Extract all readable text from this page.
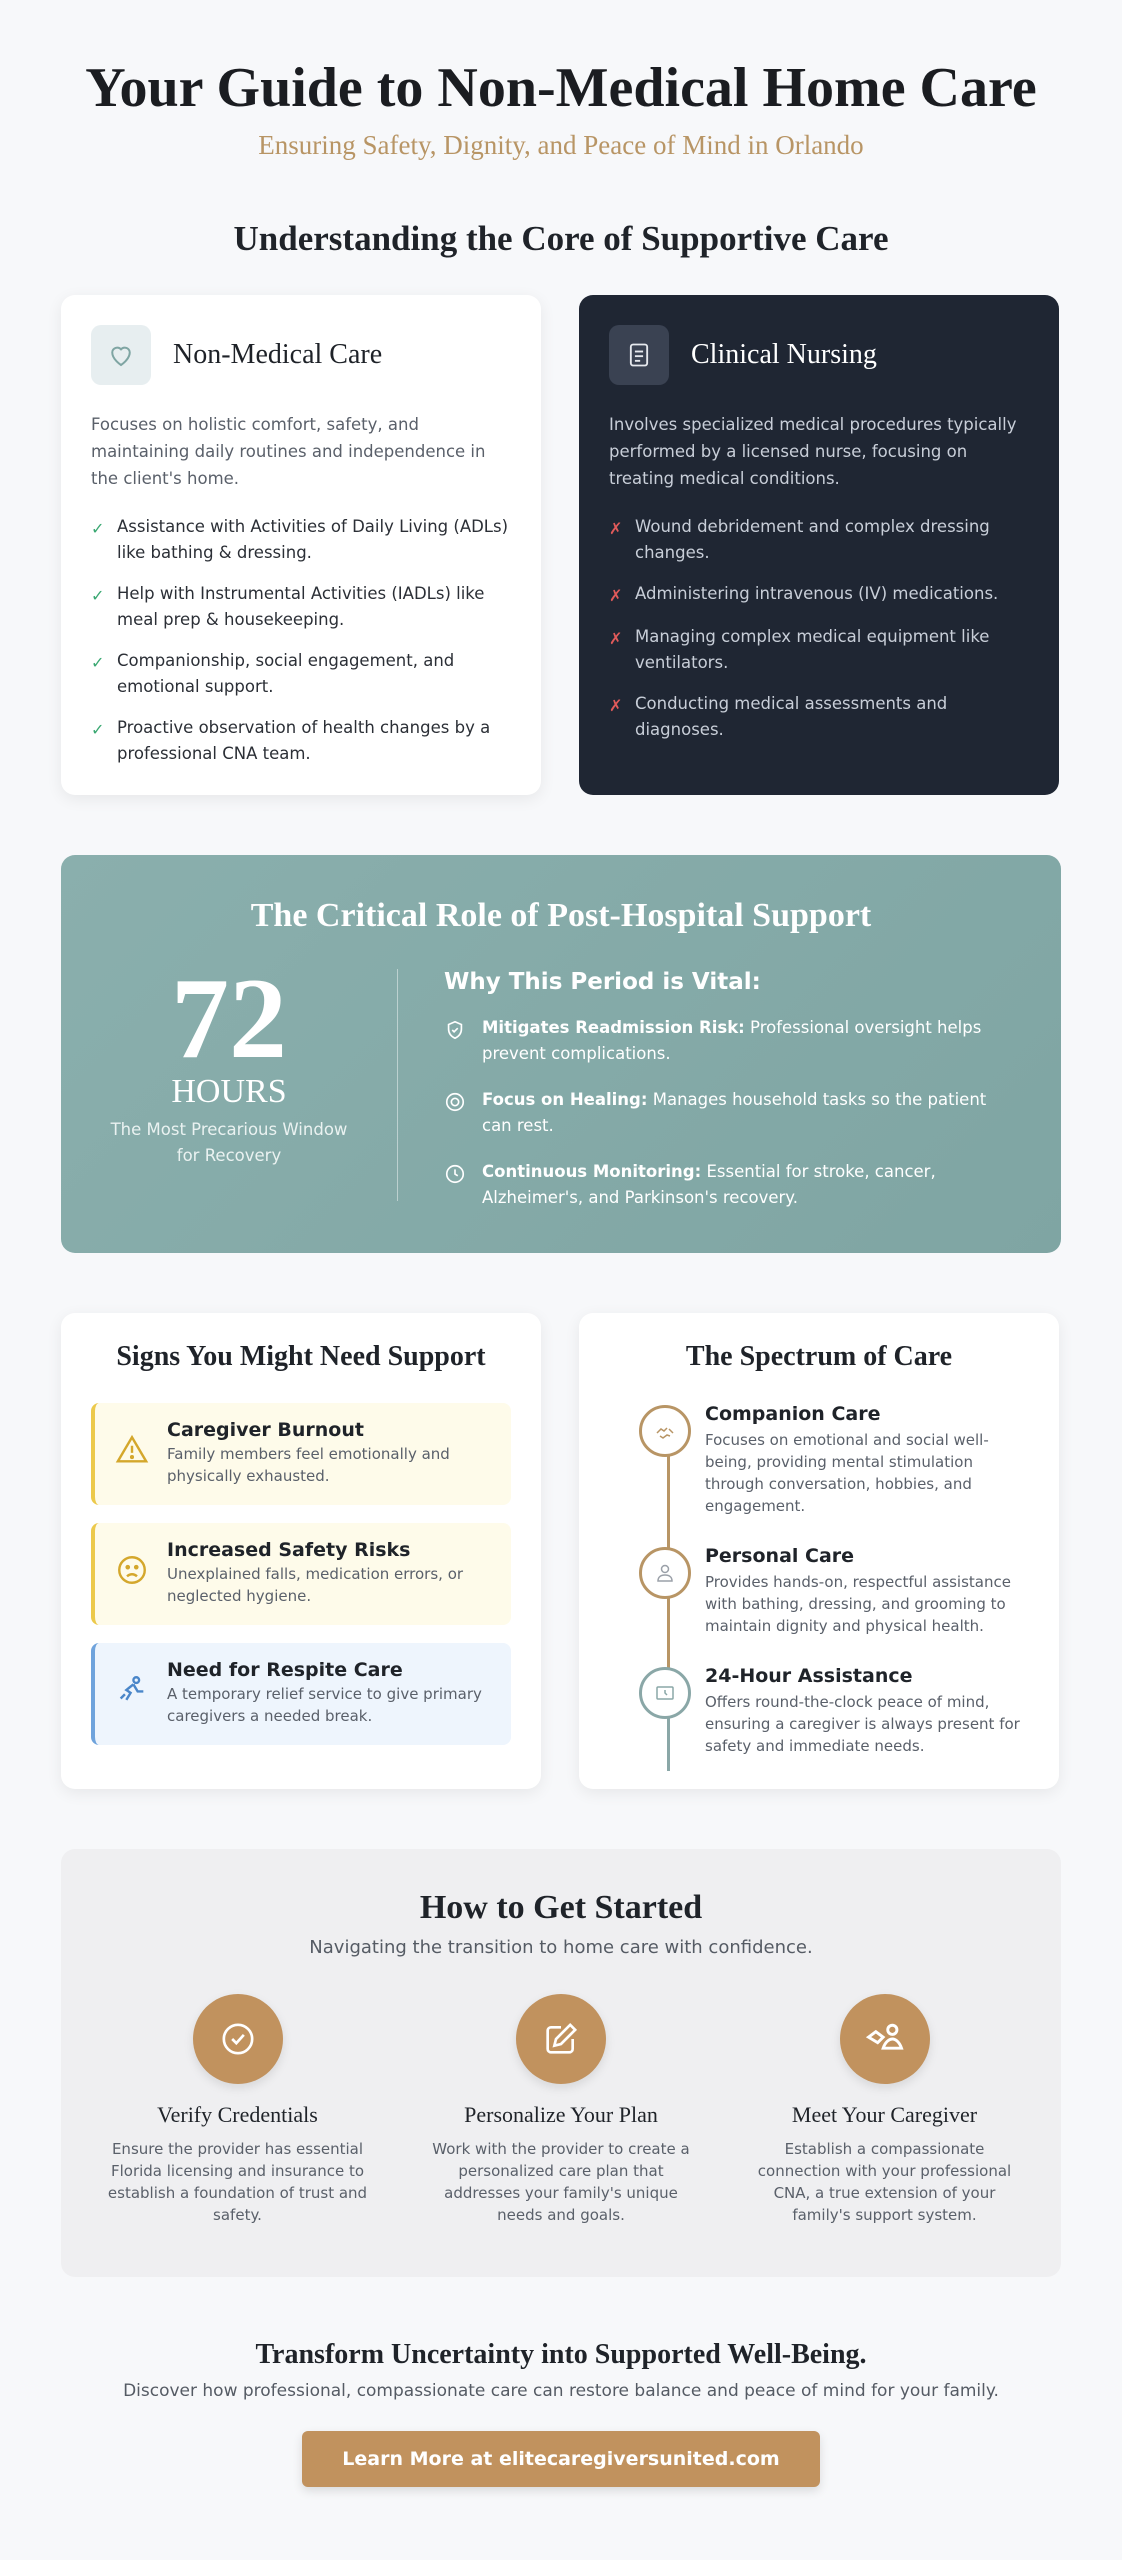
Your Guide to Non-Medical Home Care
Ensuring Safety, Dignity, and Peace of Mind in Orlando
Understanding the Core of Supportive Care
Non-Medical Care

Focuses on holistic comfort, safety, and maintaining daily routines and independence in the client's home.

✓ Assistance with Activities of Daily Living (ADLs) like bathing & dressing.
✓ Help with Instrumental Activities (IADLs) like meal prep & housekeeping.
✓ Companionship, social engagement, and emotional support.
✓ Proactive observation of health changes by a professional CNA team.
Clinical Nursing

Involves specialized medical procedures typically performed by a licensed nurse, focusing on treating medical conditions.

✗ Wound debridement and complex dressing changes.
✗ Administering intravenous (IV) medications.
✗ Managing complex medical equipment like ventilators.
✗ Conducting medical assessments and diagnoses.
The Critical Role of Post-Hospital Support
72
HOURS
The Most Precarious Window for Recovery
Why This Period is Vital:
Mitigates Readmission Risk: Professional oversight helps prevent complications.
Focus on Healing: Manages household tasks so the patient can rest.
Continuous Monitoring: Essential for stroke, cancer, Alzheimer's, and Parkinson's recovery.
Signs You Might Need Support
Caregiver Burnout
Family members feel emotionally and physically exhausted.
Increased Safety Risks
Unexplained falls, medication errors, or neglected hygiene.
Need for Respite Care
A temporary relief service to give primary caregivers a needed break.
The Spectrum of Care
Companion Care
Focuses on emotional and social well-being, providing mental stimulation through conversation, hobbies, and engagement.
Personal Care
Provides hands-on, respectful assistance with bathing, dressing, and grooming to maintain dignity and physical health.
24-Hour Assistance
Offers round-the-clock peace of mind, ensuring a caregiver is always present for safety and immediate needs.
How to Get Started

Navigating the transition to home care with confidence.

Verify Credentials
Ensure the provider has essential Florida licensing and insurance to establish a foundation of trust and safety.
Personalize Your Plan
Work with the provider to create a personalized care plan that addresses your family's unique needs and goals.
Meet Your Caregiver
Establish a compassionate connection with your professional CNA, a true extension of your family's support system.
Transform Uncertainty into Supported Well-Being.

Discover how professional, compassionate care can restore balance and peace of mind for your family.

Learn More at elitecaregiversunited.com
